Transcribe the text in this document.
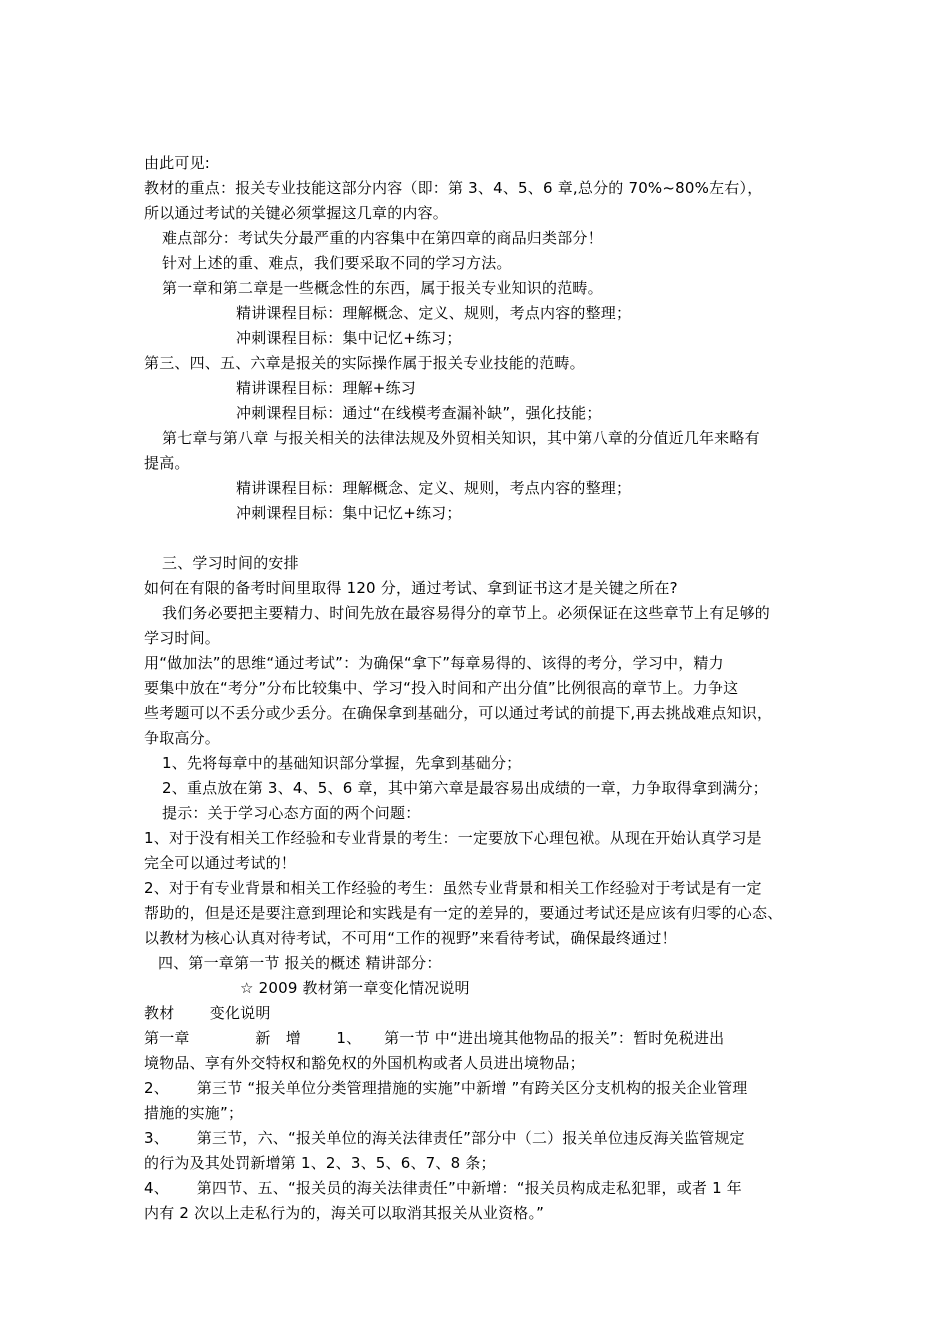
由此可见:
教材的重点：报关专业技能这部分内容（即：第 3、4、5、6 章,总分的 70%~80%左右），
所以通过考试的关键必须掌握这几章的内容。
难点部分：考试失分最严重的内容集中在第四章的商品归类部分！
针对上述的重、难点，我们要采取不同的学习方法。
第一章和第二章是一些概念性的东西，属于报关专业知识的范畴。
精讲课程目标：理解概念、定义、规则，考点内容的整理；
冲刺课程目标：集中记忆+练习；
第三、四、五、六章是报关的实际操作属于报关专业技能的范畴。
精讲课程目标：理解+练习
冲刺课程目标：通过“在线模考查漏补缺”，强化技能；
第七章与第八章 与报关相关的法律法规及外贸相关知识，其中第八章的分值近几年来略有
提高。
精讲课程目标：理解概念、定义、规则，考点内容的整理；
冲刺课程目标：集中记忆+练习；
三、学习时间的安排
如何在有限的备考时间里取得 120 分，通过考试、拿到证书这才是关键之所在?
我们务必要把主要精力、时间先放在最容易得分的章节上。必须保证在这些章节上有足够的
学习时间。
用“做加法”的思维“通过考试”：为确保“拿下”每章易得的、该得的考分，学习中，精力
要集中放在“考分”分布比较集中、学习“投入时间和产出分值”比例很高的章节上。力争这
些考题可以不丢分或少丢分。在确保拿到基础分，可以通过考试的前提下,再去挑战难点知识，
争取高分。
1、先将每章中的基础知识部分掌握，先拿到基础分；
2、重点放在第 3、4、5、6 章，其中第六章是最容易出成绩的一章，力争取得拿到满分；
提示：关于学习心态方面的两个问题：
1、对于没有相关工作经验和专业背景的考生：一定要放下心理包袱。从现在开始认真学习是
完全可以通过考试的！
2、对于有专业背景和相关工作经验的考生：虽然专业背景和相关工作经验对于考试是有一定
帮助的，但是还是要注意到理论和实践是有一定的差异的，要通过考试还是应该有归零的心态、
以教材为核心认真对待考试，不可用“工作的视野”来看待考试，确保最终通过！
四、第一章第一节 报关的概述 精讲部分：
☆ 2009 教材第一章变化情况说明
教材　　 变化说明
第一章　　　　 新　增　　 1、　　第一节 中“进出境其他物品的报关”：暂时免税进出
境物品、享有外交特权和豁免权的外国机构或者人员进出境物品；
2、　　 第三节 “报关单位分类管理措施的实施”中新增 ”有跨关区分支机构的报关企业管理
措施的实施”；
3、　　 第三节，六、“报关单位的海关法律责任”部分中（二）报关单位违反海关监管规定
的行为及其处罚新增第 1、2、3、5、6、7、8 条；
4、　　 第四节、五、“报关员的海关法律责任”中新增：“报关员构成走私犯罪，或者 1 年
内有 2 次以上走私行为的，海关可以取消其报关从业资格。”
